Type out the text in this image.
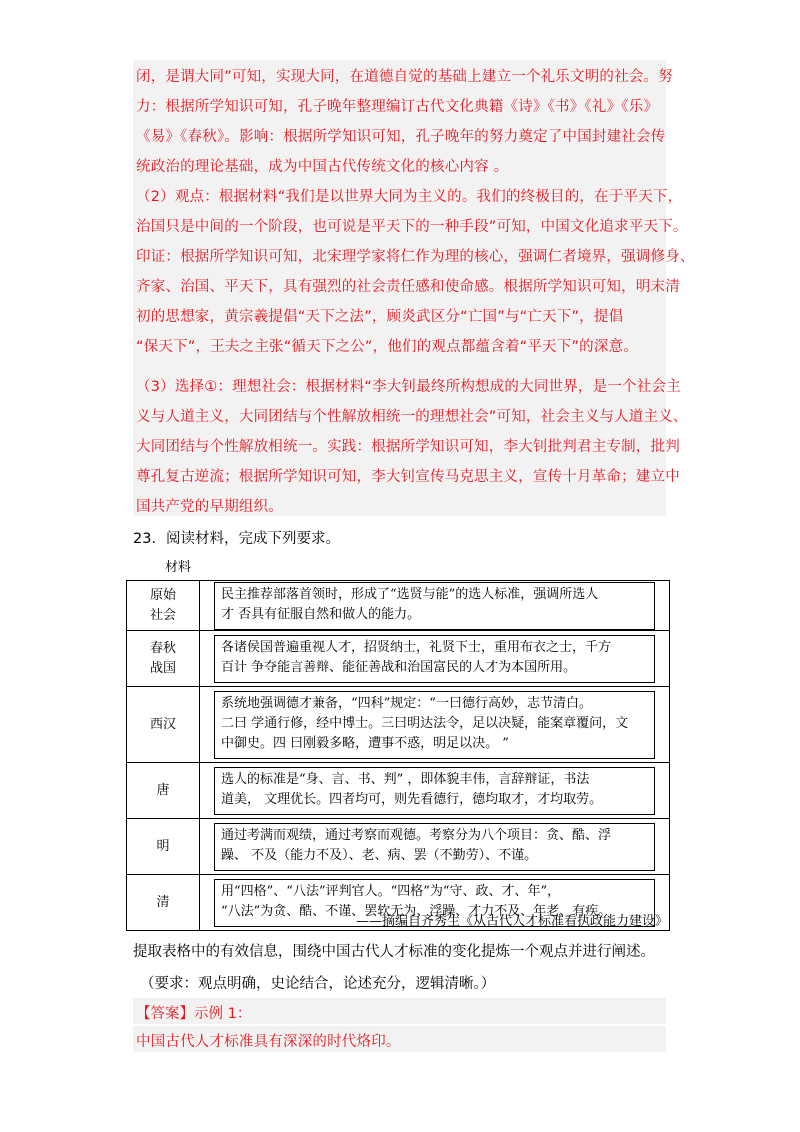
闭，是谓大同”可知，实现大同，在道德自觉的基础上建立一个礼乐文明的社会。努
力：根据所学知识可知，孔子晚年整理编订古代文化典籍《诗》《书》《礼》《乐》
《易》《春秋》。影响：根据所学知识可知，孔子晚年的努力奠定了中国封建社会传
统政治的理论基础，成为中国古代传统文化的核心内容 。
（2）观点：根据材料“我们是以世界大同为主义的。我们的终极目的，在于平天下，
治国只是中间的一个阶段，也可说是平天下的一种手段”可知，中国文化追求平天下。
印证：根据所学知识可知，北宋理学家将仁作为理的核心，强调仁者境界，强调修身、
齐家、治国、平天下，具有强烈的社会责任感和使命感。根据所学知识可知，明末清
初的思想家，黄宗羲提倡“天下之法”，顾炎武区分“亡国”与“亡天下”，提倡
“保天下”，王夫之主张“循天下之公”，他们的观点都蕴含着“平天下”的深意。
（3）选择①：理想社会：根据材料“李大钊最终所构想成的大同世界，是一个社会主
义与人道主义，大同团结与个性解放相统一的理想社会”可知，社会主义与人道主义、
大同团结与个性解放相统一。实践：根据所学知识可知，李大钊批判君主专制，批判
尊孔复古逆流；根据所学知识可知，李大钊宣传马克思主义，宣传十月革命；建立中
国共产党的早期组织。
23．阅读材料，完成下列要求。
材料
原始
社会	民主推荐部落首领时，形成了“选贤与能”的选人标准，强调所选人
才 否具有征服自然和做人的能力。

春秋
战国	各诸侯国普遍重视人才，招贤纳士，礼贤下士，重用布衣之士，千方
百计 争夺能言善辩、能征善战和治国富民的人才为本国所用。

西汉	系统地强调德才兼备，“四科”规定：“一曰德行高妙，志节清白。
二曰 学通行修，经中博士。三曰明达法令，足以决疑，能案章覆问，文
中御史。四 曰刚毅多略，遭事不惑，明足以决。 ”

唐	选人的标准是“身、言、书、判” ，即体貌丰伟，言辞辩证，书法
道美， 文理优长。四者均可，则先看德行，德均取才，才均取劳。

明	通过考满而观绩，通过考察而观德。考察分为八个项目：贪、酷、浮
躁、 不及（能力不及）、老、病、罢（不勤劳）、不谨。

清	用“四格”、“八法”评判官人。“四格”为“守、政、才、年”，
“八法”为贪、酷、不谨、罢软无为、浮躁、才力不及、年老、有疾。
——摘编自齐秀生《从古代人才标准看执政能力建设》
提取表格中的有效信息，围绕中国古代人才标准的变化提炼一个观点并进行阐述。
（要求：观点明确，史论结合，论述充分，逻辑清晰。）
【答案】示例 1：
中国古代人才标准具有深深的时代烙印。
